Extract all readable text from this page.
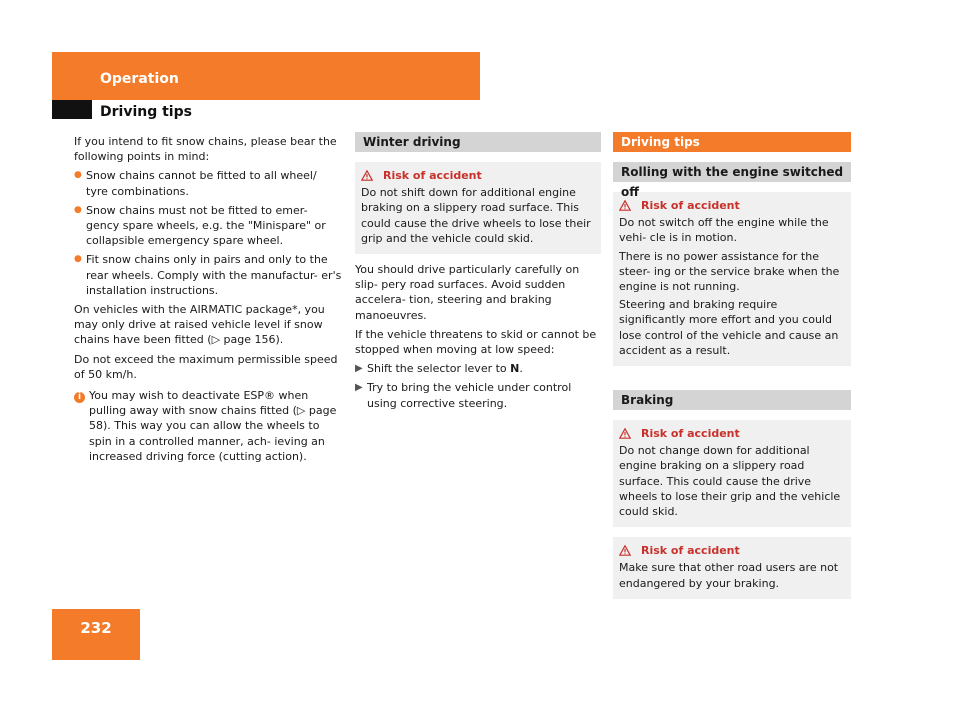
Operation
Driving tips

If you intend to fit snow chains, please bear the following points in mind:

● Snow chains cannot be fitted to all wheel/ tyre combinations.
● Snow chains must not be fitted to emer- gency spare wheels, e.g. the "Minispare" or collapsible emergency spare wheel.
● Fit snow chains only in pairs and only to the rear wheels. Comply with the manufactur- er's installation instructions.

On vehicles with the AIRMATIC package*, you may only drive at raised vehicle level if snow chains have been fitted (▷ page 156).

Do not exceed the maximum permissible speed of 50 km/h.

i You may wish to deactivate ESP® when pulling away with snow chains fitted (▷ page 58). This way you can allow the wheels to spin in a controlled manner, ach- ieving an increased driving force (cutting action).
Winter driving
Risk of accident

Do not shift down for additional engine braking on a slippery road surface. This could cause the drive wheels to lose their grip and the vehicle could skid.

You should drive particularly carefully on slip- pery road surfaces. Avoid sudden accelera- tion, steering and braking manoeuvres.

If the vehicle threatens to skid or cannot be stopped when moving at low speed:

▶ Shift the selector lever to N.
▶ Try to bring the vehicle under control using corrective steering.
Driving tips
Rolling with the engine switched off
Risk of accident

Do not switch off the engine while the vehi- cle is in motion.

There is no power assistance for the steer- ing or the service brake when the engine is not running.

Steering and braking require significantly more effort and you could lose control of the vehicle and cause an accident as a result.

Braking
Risk of accident

Do not change down for additional engine braking on a slippery road surface. This could cause the drive wheels to lose their grip and the vehicle could skid.

Risk of accident

Make sure that other road users are not endangered by your braking.

232
